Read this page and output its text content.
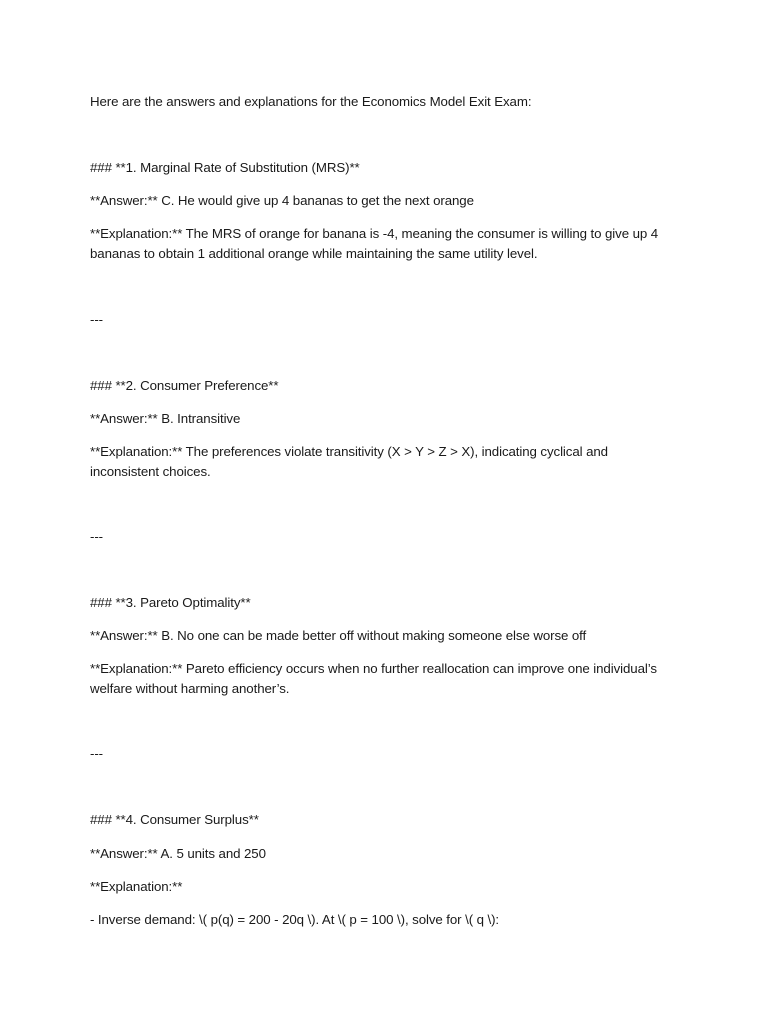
Here are the answers and explanations for the Economics Model Exit Exam:
### **1. Marginal Rate of Substitution (MRS)**
**Answer:** C. He would give up 4 bananas to get the next orange
**Explanation:** The MRS of orange for banana is -4, meaning the consumer is willing to give up 4 bananas to obtain 1 additional orange while maintaining the same utility level.
---
### **2. Consumer Preference**
**Answer:** B. Intransitive
**Explanation:** The preferences violate transitivity (X > Y > Z > X), indicating cyclical and inconsistent choices.
---
### **3. Pareto Optimality**
**Answer:** B. No one can be made better off without making someone else worse off
**Explanation:** Pareto efficiency occurs when no further reallocation can improve one individual’s welfare without harming another’s.
---
### **4. Consumer Surplus**
**Answer:** A. 5 units and 250
**Explanation:**
- Inverse demand: \( p(q) = 200 - 20q \). At \( p = 100 \), solve for \( q \):
